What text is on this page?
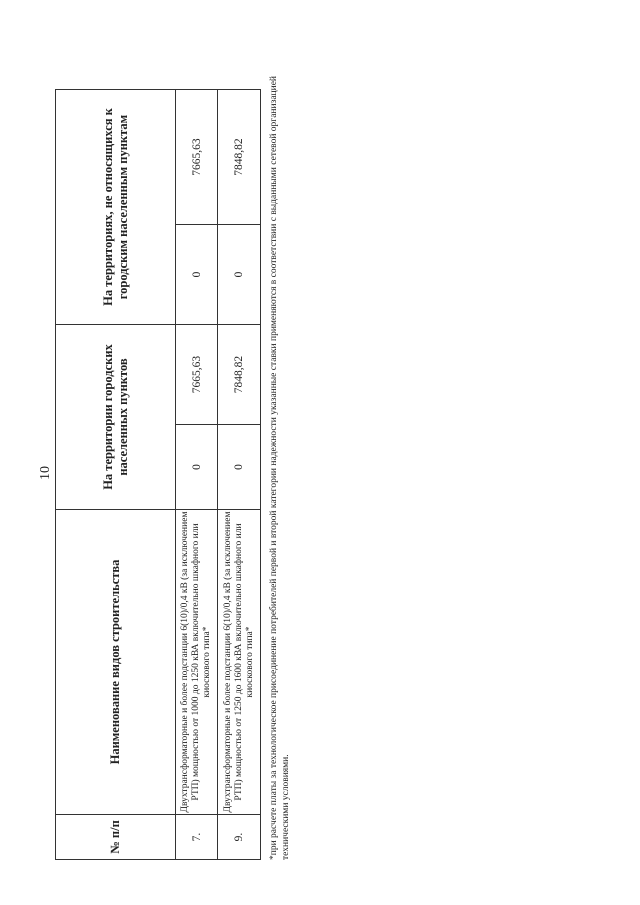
10
№ п/п	Наименование видов строительства	На территории городских населенных пунктов		На территориях, не относящихся к городским населенным пунктам	
7.	Двухтрансформаторные и более подстанции 6(10)/0,4 кВ (за исключением РТП) мощностью от 1000 до 1250 кВА включительно шкафного или киоскового типа*	0	7665,63	0	7665,63
9.	Двухтрансформаторные и более подстанции 6(10)/0,4 кВ (за исключением РТП) мощностью от 1250 до 1600 кВА включительно шкафного или киоскового типа*	0	7848,82	0	7848,82	*при расчете платы за технологическое присоединение потребителей первой и второй категории надежности указанные ставки применяются в соответствии с выданными сетевой организацией техническими условиями.
